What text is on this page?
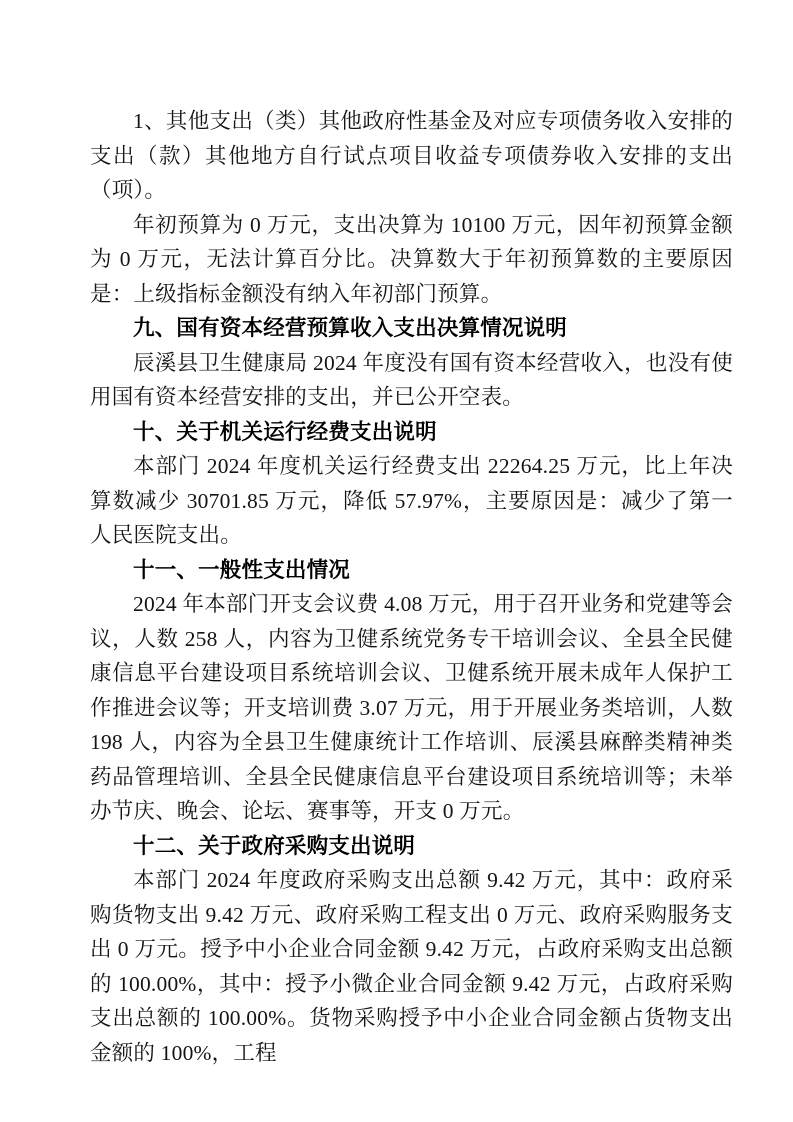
1、其他支出（类）其他政府性基金及对应专项债务收入安排的支出（款）其他地方自行试点项目收益专项债券收入安排的支出（项）。

年初预算为 0 万元，支出决算为 10100 万元，因年初预算金额为 0 万元，无法计算百分比。决算数大于年初预算数的主要原因是：上级指标金额没有纳入年初部门预算。

九、国有资本经营预算收入支出决算情况说明

辰溪县卫生健康局 2024 年度没有国有资本经营收入，也没有使用国有资本经营安排的支出，并已公开空表。

十、关于机关运行经费支出说明

本部门 2024 年度机关运行经费支出 22264.25 万元，比上年决算数减少 30701.85 万元，降低 57.97%，主要原因是：减少了第一人民医院支出。

十一、一般性支出情况

2024 年本部门开支会议费 4.08 万元，用于召开业务和党建等会议，人数 258 人，内容为卫健系统党务专干培训会议、全县全民健康信息平台建设项目系统培训会议、卫健系统开展未成年人保护工作推进会议等；开支培训费 3.07 万元，用于开展业务类培训，人数 198 人，内容为全县卫生健康统计工作培训、辰溪县麻醉类精神类药品管理培训、全县全民健康信息平台建设项目系统培训等；未举办节庆、晚会、论坛、赛事等，开支 0 万元。

十二、关于政府采购支出说明

本部门 2024 年度政府采购支出总额 9.42 万元，其中：政府采购货物支出 9.42 万元、政府采购工程支出 0 万元、政府采购服务支出 0 万元。授予中小企业合同金额 9.42 万元，占政府采购支出总额的 100.00%，其中：授予小微企业合同金额 9.42 万元，占政府采购支出总额的 100.00%。货物采购授予中小企业合同金额占货物支出金额的 100%，工程
